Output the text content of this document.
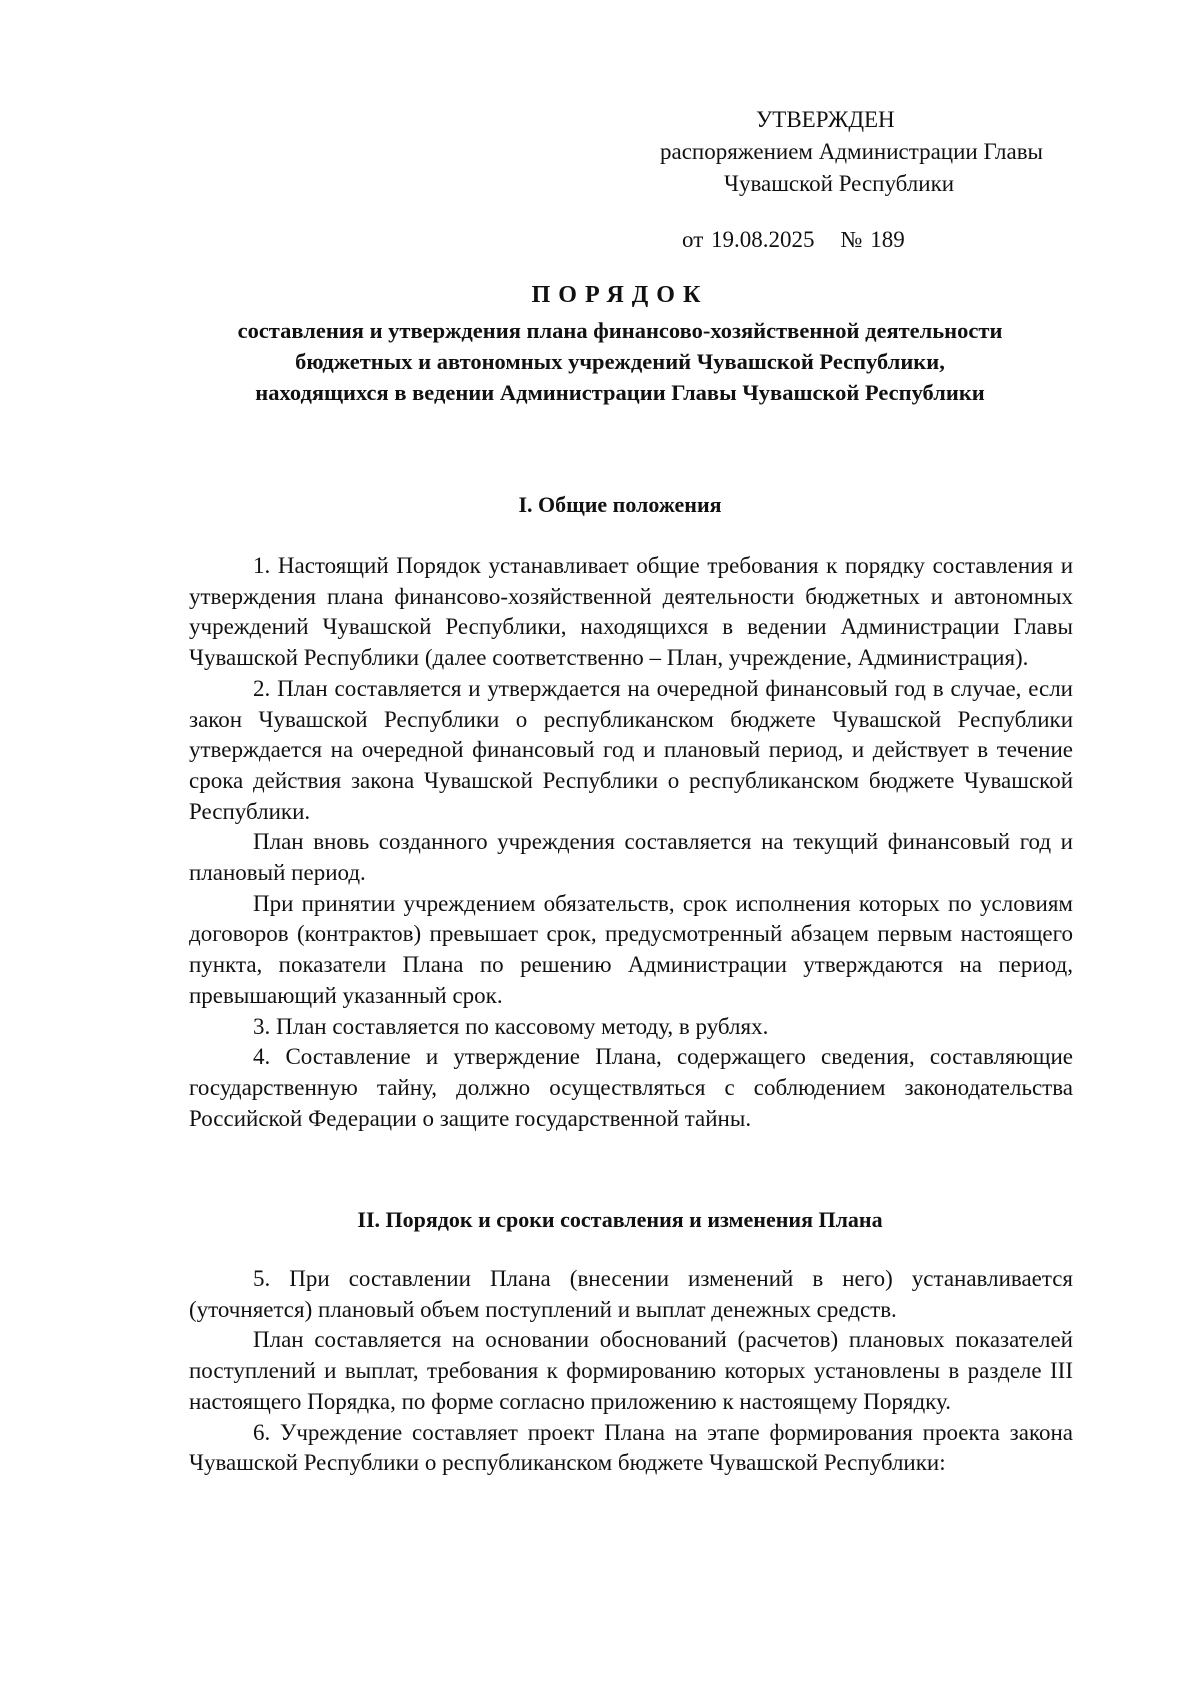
УТВЕРЖДЕН
распоряжением Администрации Главы
Чувашской Республики
от 19.08.2025 № 189
ПОРЯДОК
составления и утверждения плана финансово-хозяйственной деятельности
бюджетных и автономных учреждений Чувашской Республики,
находящихся в ведении Администрации Главы Чувашской Республики
I. Общие положения

1. Настоящий Порядок устанавливает общие требования к порядку составления и утверждения плана финансово-хозяйственной деятельности бюджетных и автономных учреждений Чувашской Республики, находящихся в ведении Администрации Главы Чувашской Республики (далее соответственно – План, учреждение, Администрация).

2. План составляется и утверждается на очередной финансовый год в случае, если закон Чувашской Республики о республиканском бюджете Чувашской Республики утверждается на очередной финансовый год и плановый период, и действует в течение срока действия закона Чувашской Республики о республиканском бюджете Чувашской Республики.

План вновь созданного учреждения составляется на текущий финансовый год и плановый период.

При принятии учреждением обязательств, срок исполнения которых по условиям договоров (контрактов) превышает срок, предусмотренный абзацем первым настоящего пункта, показатели Плана по решению Администрации утверждаются на период, превышающий указанный срок.

3. План составляется по кассовому методу, в рублях.

4. Составление и утверждение Плана, содержащего сведения, составляющие государственную тайну, должно осуществляться с соблюдением законодательства Российской Федерации о защите государственной тайны.

II. Порядок и сроки составления и изменения Плана

5. При составлении Плана (внесении изменений в него) устанавливается (уточняется) плановый объем поступлений и выплат денежных средств.

План составляется на основании обоснований (расчетов) плановых показателей поступлений и выплат, требования к формированию которых установлены в разделе III настоящего Порядка, по форме согласно приложению к настоящему Порядку.

6. Учреждение составляет проект Плана на этапе формирования проекта закона Чувашской Республики о республиканском бюджете Чувашской Республики:
